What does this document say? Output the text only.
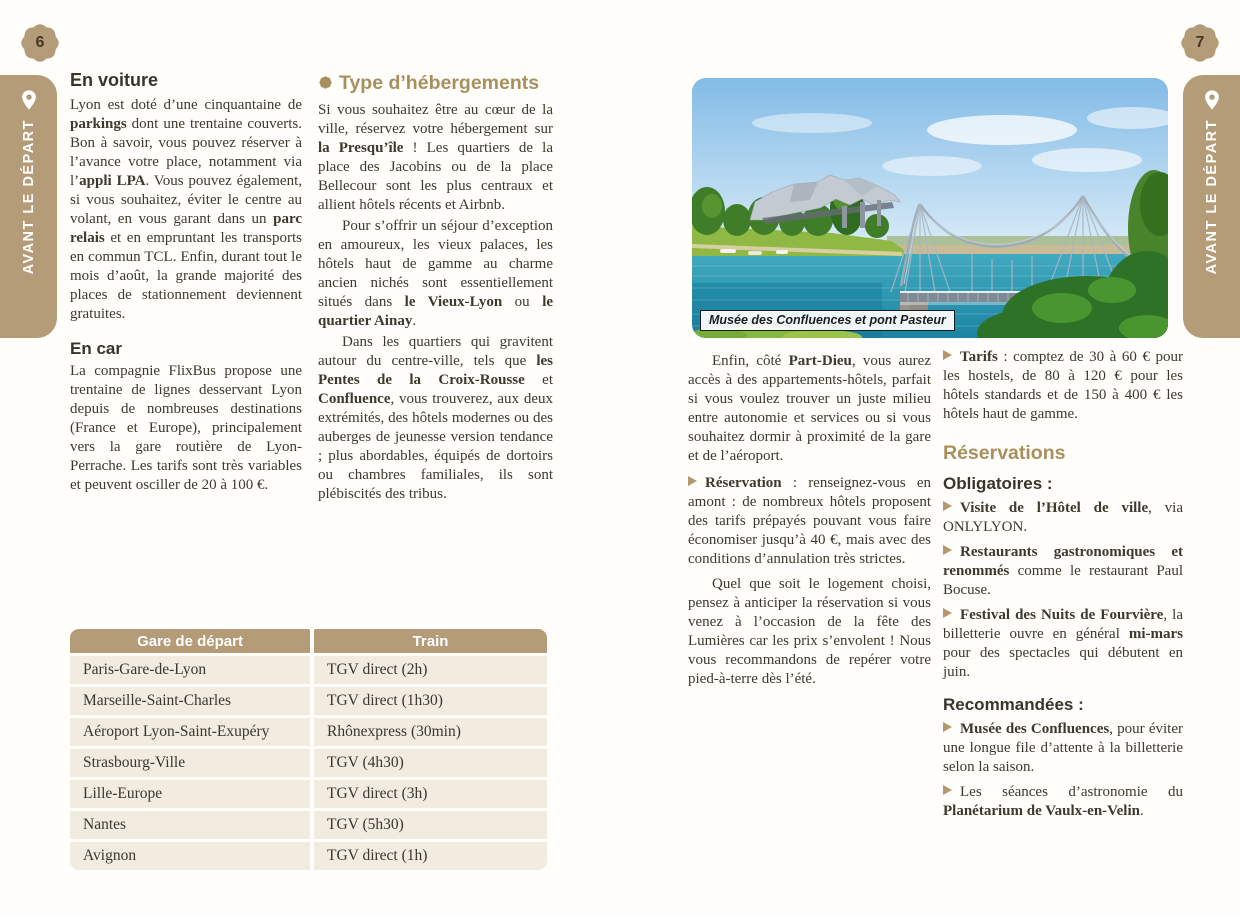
6	7
AVANT LE DÉPART	AVANT LE DÉPART
En voiture

Lyon est doté d’une cinquantaine de parkings dont une trentaine couverts. Bon à savoir, vous pouvez réserver à l’avance votre place, notamment via l’appli LPA. Vous pouvez également, si vous souhaitez, éviter le centre au volant, en vous garant dans un parc relais et en empruntant les transports en commun TCL. Enfin, durant tout le mois d’août, la grande majorité des places de stationnement deviennent gratuites.

En car

La compagnie FlixBus propose une trentaine de lignes desservant Lyon depuis de nombreuses destinations (France et Europe), principalement vers la gare routière de Lyon-Perrache. Les tarifs sont très variables et peuvent osciller de 20 à 100 €.

Type d’hébergements

Si vous souhaitez être au cœur de la ville, réservez votre hébergement sur la Presqu’île ! Les quartiers de la place des Jacobins ou de la place Bellecour sont les plus centraux et allient hôtels récents et Airbnb.

Pour s’offrir un séjour d’exception en amoureux, les vieux palaces, les hôtels haut de gamme au charme ancien nichés sont essentiellement situés dans le Vieux-Lyon ou le quartier Ainay.

Dans les quartiers qui gravitent autour du centre-ville, tels que les Pentes de la Croix-Rousse et Confluence, vous trouverez, aux deux extrémités, des hôtels modernes ou des auberges de jeunesse version tendance ; plus abordables, équipés de dortoirs ou chambres familiales, ils sont plébiscités des tribus.

Gare de départ	Train
Paris-Gare-de-Lyon	TGV direct (2h)
Marseille-Saint-Charles	TGV direct (1h30)
Aéroport Lyon-Saint-Exupéry	Rhônexpress (30min)
Strasbourg-Ville	TGV (4h30)
Lille-Europe	TGV direct (3h)
Nantes	TGV (5h30)
Avignon	TGV direct (1h)
Musée des Confluences et pont Pasteur

Enfin, côté Part-Dieu, vous aurez accès à des appartements-hôtels, parfait si vous voulez trouver un juste milieu entre autonomie et services ou si vous souhaitez dormir à proximité de la gare et de l’aéroport.

Réservation : renseignez-vous en amont : de nombreux hôtels proposent des tarifs prépayés pouvant vous faire économiser jusqu’à 40 €, mais avec des conditions d’annulation très strictes.

Quel que soit le logement choisi, pensez à anticiper la réservation si vous venez à l’occasion de la fête des Lumières car les prix s’envolent ! Nous vous recommandons de repérer votre pied-à-terre dès l’été.

Tarifs : comptez de 30 à 60 € pour les hostels, de 80 à 120 € pour les hôtels standards et de 150 à 400 € les hôtels haut de gamme.

Réservations
Obligatoires :

Visite de l’Hôtel de ville, via ONLYLYON.

Restaurants gastronomiques et renommés comme le restaurant Paul Bocuse.

Festival des Nuits de Fourvière, la billetterie ouvre en général mi-mars pour des spectacles qui débutent en juin.

Recommandées :

Musée des Confluences, pour éviter une longue file d’attente à la billetterie selon la saison.

Les séances d’astronomie du Planétarium de Vaulx-en-Velin.
